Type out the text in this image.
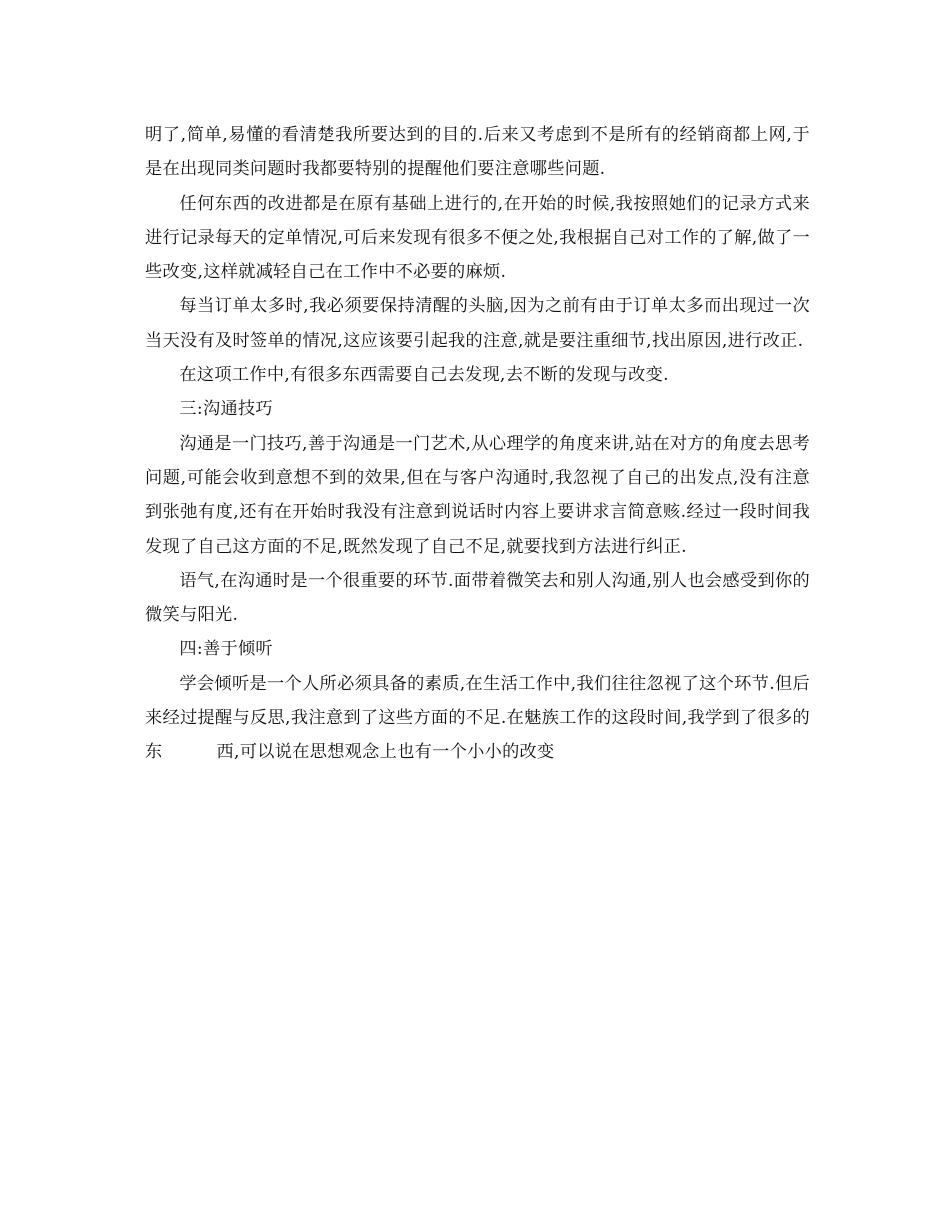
明了,简单,易懂的看清楚我所要达到的目的.后来又考虑到不是所有的经销商都上网,于是在出现同类问题时我都要特别的提醒他们要注意哪些问题.

任何东西的改进都是在原有基础上进行的,在开始的时候,我按照她们的记录方式来进行记录每天的定单情况,可后来发现有很多不便之处,我根据自己对工作的了解,做了一些改变,这样就减轻自己在工作中不必要的麻烦.

每当订单太多时,我必须要保持清醒的头脑,因为之前有由于订单太多而出现过一次当天没有及时签单的情况,这应该要引起我的注意,就是要注重细节,找出原因,进行改正.

在这项工作中,有很多东西需要自己去发现,去不断的发现与改变.

三:沟通技巧

沟通是一门技巧,善于沟通是一门艺术,从心理学的角度来讲,站在对方的角度去思考问题,可能会收到意想不到的效果,但在与客户沟通时,我忽视了自己的出发点,没有注意到张弛有度,还有在开始时我没有注意到说话时内容上要讲求言简意赅.经过一段时间我发现了自己这方面的不足,既然发现了自己不足,就要找到方法进行纠正.

语气,在沟通时是一个很重要的环节.面带着微笑去和别人沟通,别人也会感受到你的微笑与阳光.

四:善于倾听

学会倾听是一个人所必须具备的素质,在生活工作中,我们往往忽视了这个环节.但后来经过提醒与反思,我注意到了这些方面的不足.在魅族工作的这段时间,我学到了很多的东	西,可以说在思想观念上也有一个小小的改变
